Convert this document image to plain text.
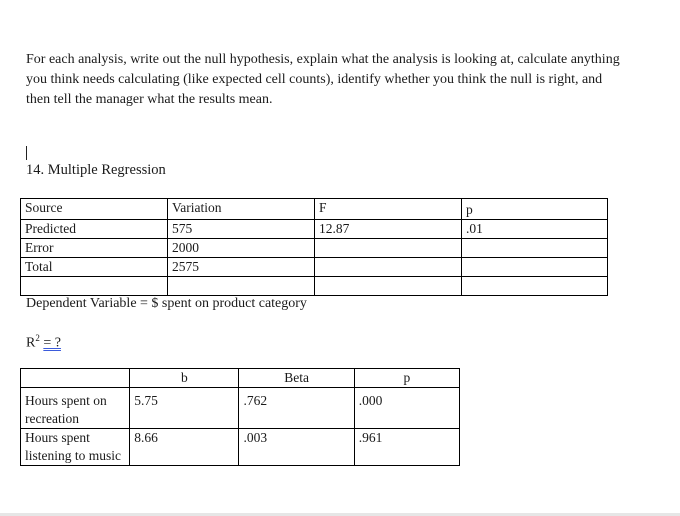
For each analysis, write out the null hypothesis, explain what the analysis is looking at, calculate anything you think needs calculating (like expected cell counts), identify whether you think the null is right, and then tell the manager what the results mean.
14. Multiple Regression
Source	Variation	F	p
Predicted	575	12.87	.01
Error	2000		
Total	2575		

Dependent Variable = $ spent on product category
$R^2$ = ?
	b	Beta	p
Hours spent on recreation	5.75	.762	.000
Hours spent listening to music	8.66	.003	.961
